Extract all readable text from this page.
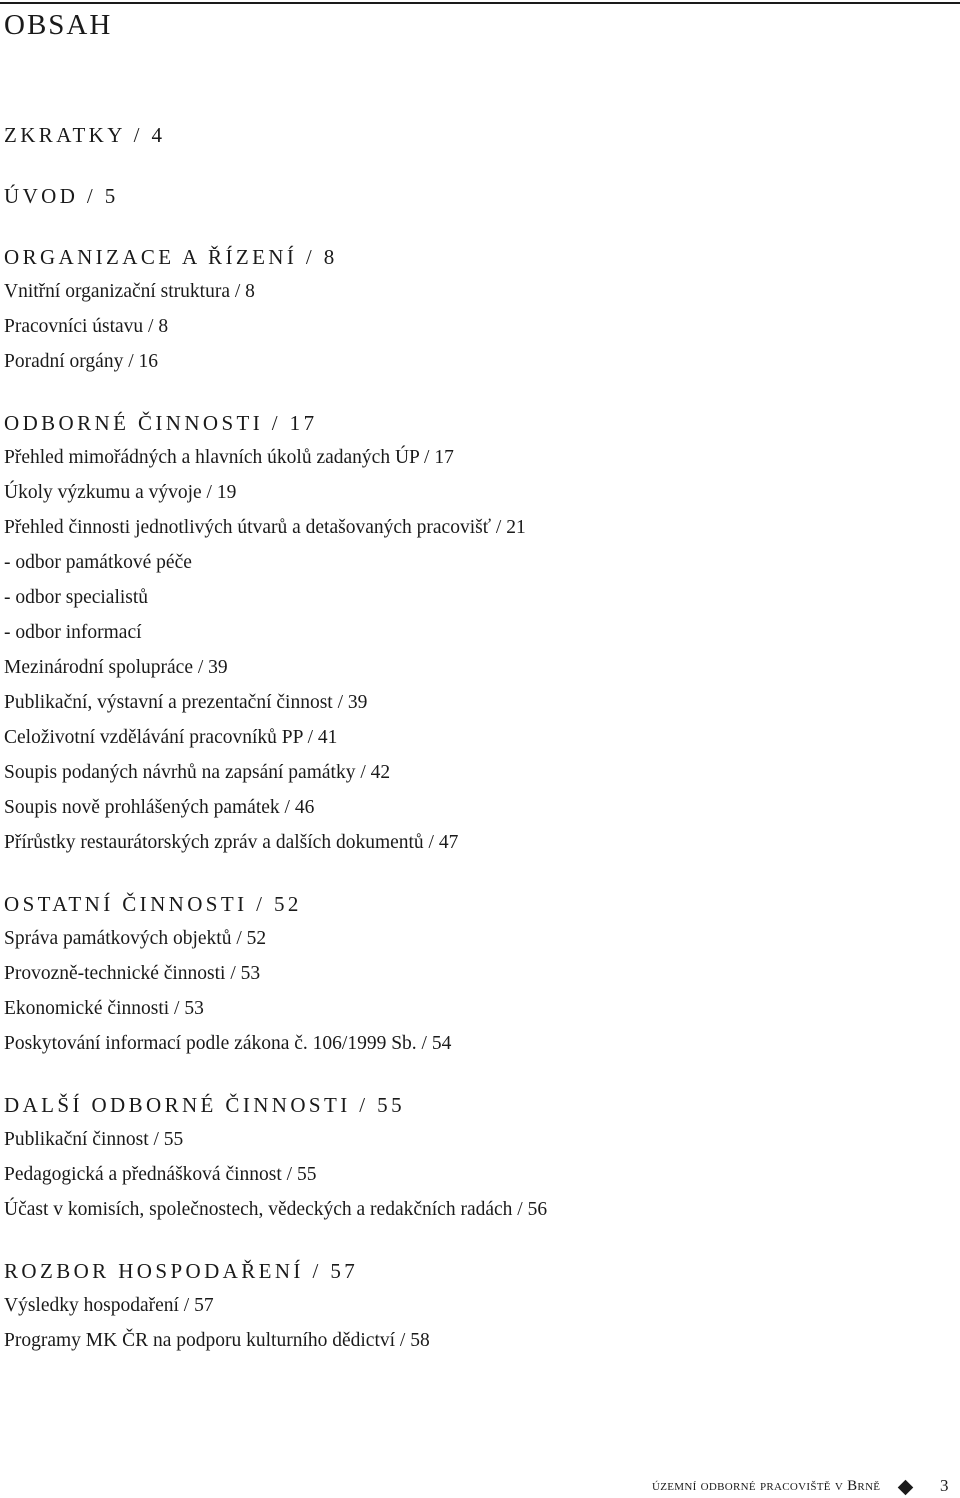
OBSAH
ZKRATKY / 4
ÚVOD / 5
ORGANIZACE A ŘÍZENÍ / 8
Vnitřní organizační struktura / 8
Pracovníci ústavu / 8
Poradní orgány / 16
ODBORNÉ ČINNOSTI / 17
Přehled mimořádných a hlavních úkolů zadaných ÚP / 17
Úkoly výzkumu a vývoje / 19
Přehled činnosti jednotlivých útvarů a detašovaných pracovišť / 21
- odbor památkové péče
- odbor specialistů
- odbor informací
Mezinárodní spolupráce / 39
Publikační, výstavní a prezentační činnost / 39
Celoživotní vzdělávání pracovníků PP / 41
Soupis podaných návrhů na zapsání památky / 42
Soupis nově prohlášených památek / 46
Přírůstky restaurátorských zpráv a dalších dokumentů / 47
OSTATNÍ ČINNOSTI / 52
Správa památkových objektů / 52
Provozně-technické činnosti / 53
Ekonomické činnosti / 53
Poskytování informací podle zákona č. 106/1999 Sb. / 54
DALŠÍ ODBORNÉ ČINNOSTI / 55
Publikační činnost / 55
Pedagogická a přednášková činnost / 55
Účast v komisích, společnostech, vědeckých a redakčních radách / 56
ROZBOR HOSPODAŘENÍ / 57
Výsledky hospodaření / 57
Programy MK ČR na podporu kulturního dědictví / 58
územní odborné pracoviště v Brně	3
